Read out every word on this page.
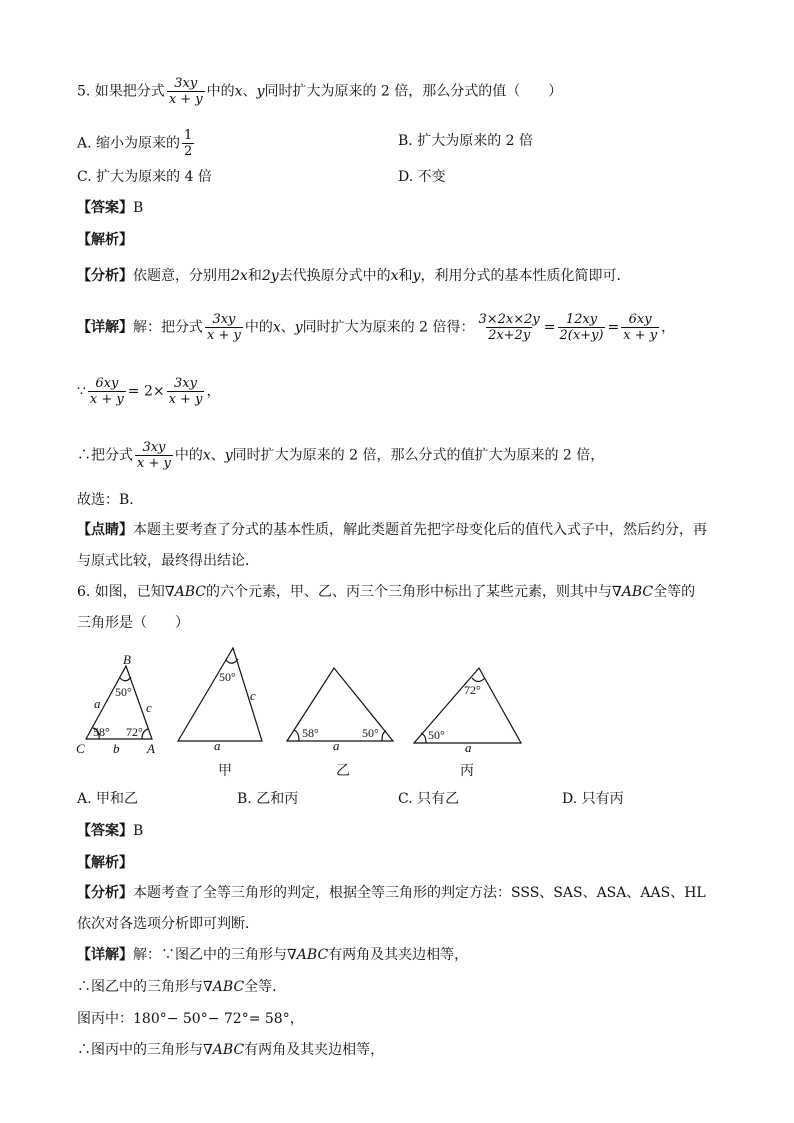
5. 如果把分式 $\frac{3xy}{x + y}$ 中的x、y同时扩大为原来的 2 倍，那么分式的值（　　）
A. 缩小为原来的 $\frac{1}{2}$	B. 扩大为原来的 2 倍
C. 扩大为原来的 4 倍	D. 不变
【答案】B
【解析】
【分析】依题意，分别用2x和2y去代换原分式中的x和y，利用分式的基本性质化简即可．
【详解】解：把分式 $\frac{3xy}{x + y}$ 中的x、y同时扩大为原来的 2 倍得： $\frac{3\times 2x\times 2y}{2x+2y} = \frac{12xy}{2(x+y)} = \frac{6xy}{x + y}$ ，
∵ $\frac{6xy}{x + y} = 2\times \frac{3xy}{x + y}$ ，
∴把分式 $\frac{3xy}{x + y}$ 中的x、y同时扩大为原来的 2 倍，那么分式的值扩大为原来的 2 倍，
故选：B．
【点睛】本题主要考查了分式的基本性质，解此类题首先把字母变化后的值代入式子中，然后约分，再
与原式比较，最终得出结论．
6. 如图，已知∇ABC的六个元素，甲、乙、丙三个三角形中标出了某些元素，则其中与∇ABC全等的
三角形是（　　）
B
C	A
a	c
b
50°
58° 72°
50°
c
a
58°	50°
a
72°
50°
a
甲	乙	丙
A. 甲和乙	B. 乙和丙	C. 只有乙	D. 只有丙
【答案】B
【解析】
【分析】本题考查了全等三角形的判定，根据全等三角形的判定方法：SSS、SAS、ASA、AAS、HL
依次对各选项分析即可判断．
【详解】解：∵图乙中的三角形与∇ABC有两角及其夹边相等，
∴图乙中的三角形与∇ABC全等．
图丙中：180°− 50°− 72°= 58°，
∴图丙中的三角形与∇ABC有两角及其夹边相等，
